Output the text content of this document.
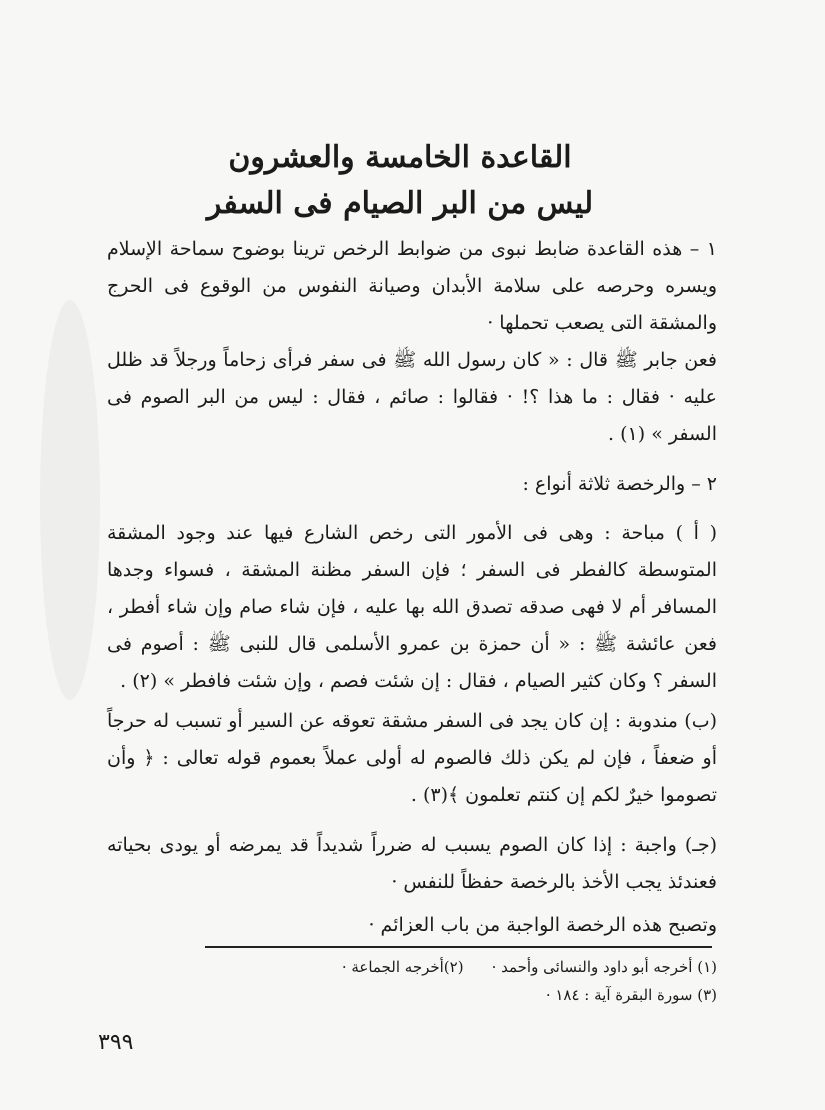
القاعدة الخامسة والعشرون
ليس من البر الصيام فى السفر

١ – هذه القاعدة ضابط نبوى من ضوابط الرخص ترينا بوضوح سماحة الإسلام ويسره وحرصه على سلامة الأبدان وصيانة النفوس من الوقوع فى الحرج والمشقة التى يصعب تحملها ·

فعن جابر ﷺ قال : « كان رسول الله ﷺ فى سفر فرأى زحاماً ورجلاً قد ظلل عليه · فقال : ما هذا ؟! · فقالوا : صائم ، فقال : ليس من البر الصوم فى السفر » (١) .

٢ – والرخصة ثلاثة أنواع :

( أ ) مباحة : وهى فى الأمور التى رخص الشارع فيها عند وجود المشقة المتوسطة كالفطر فى السفر ؛ فإن السفر مظنة المشقة ، فسواء وجدها المسافر أم لا فهى صدقه تصدق الله بها عليه ، فإن شاء صام وإن شاء أفطر ، فعن عائشة ﷺ : « أن حمزة بن عمرو الأسلمى قال للنبى ﷺ : أصوم فى السفر ؟ وكان كثير الصيام ، فقال : إن شئت فصم ، وإن شئت فافطر » (٢) .

(ب) مندوبة : إن كان يجد فى السفر مشقة تعوقه عن السير أو تسبب له حرجاً أو ضعفاً ، فإن لم يكن ذلك فالصوم له أولى عملاً بعموم قوله تعالى : ﴿ وأن تصوموا خيرٌ لكم إن كنتم تعلمون ﴾(٣) .

(جـ) واجبة : إذا كان الصوم يسبب له ضرراً شديداً قد يمرضه أو يودى بحياته فعندئذ يجب الأخذ بالرخصة حفظاً للنفس ·

وتصبح هذه الرخصة الواجبة من باب العزائم ·

(١) أخرجه أبو داود والنسائى وأحمد ·(٢)أخرجه الجماعة ·

(٣) سورة البقرة آية : ١٨٤ ·

٣٩٩
